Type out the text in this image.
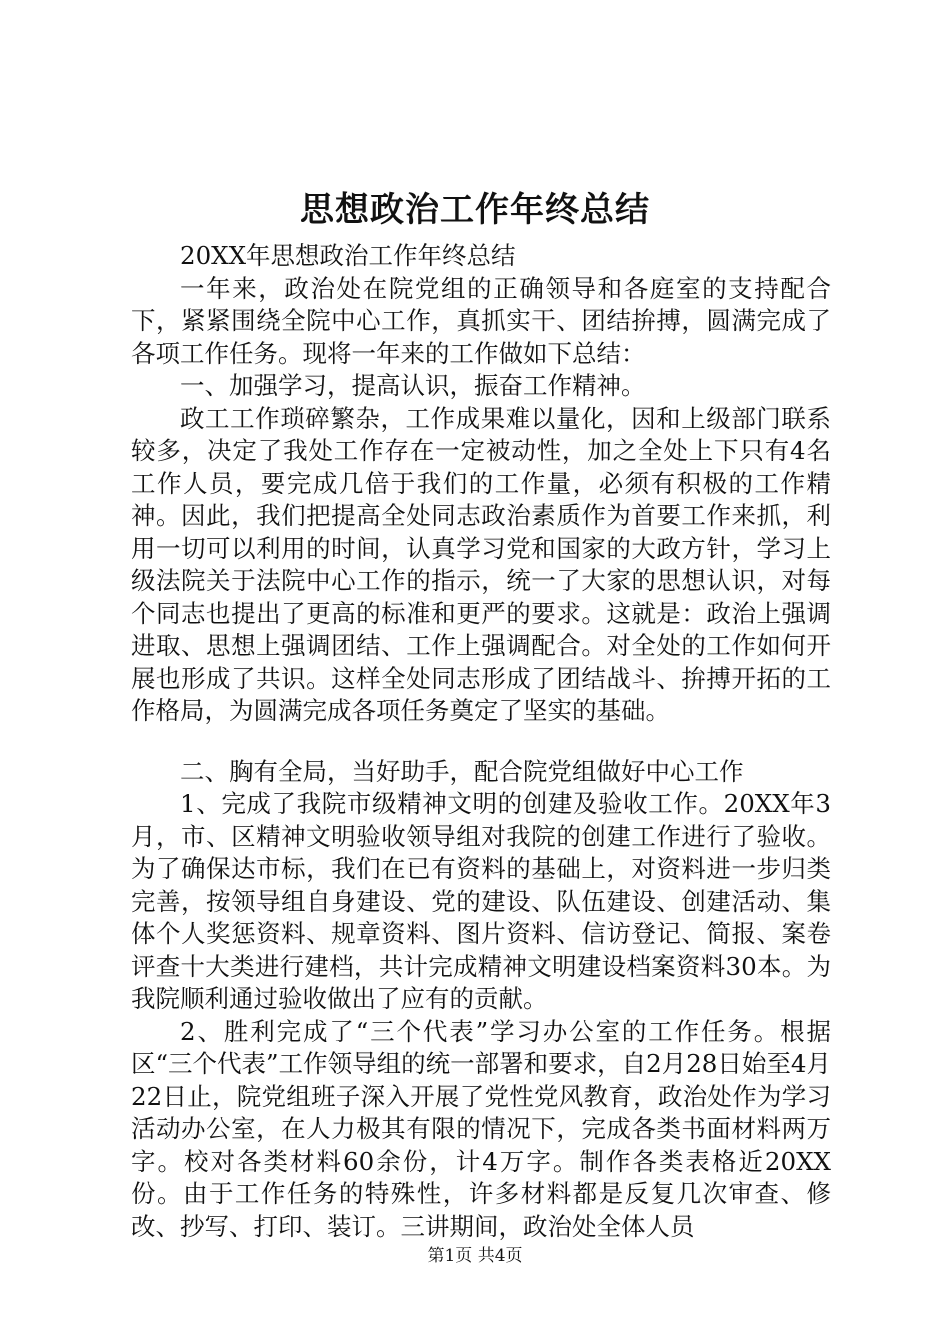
思想政治工作年终总结

20XX年思想政治工作年终总结

一年来，政治处在院党组的正确领导和各庭室的支持配合下，紧紧围绕全院中心工作，真抓实干、团结拚搏，圆满完成了各项工作任务。现将一年来的工作做如下总结：

一、加强学习，提高认识，振奋工作精神。

政工工作琐碎繁杂，工作成果难以量化，因和上级部门联系较多，决定了我处工作存在一定被动性，加之全处上下只有4名工作人员，要完成几倍于我们的工作量，必须有积极的工作精神。因此，我们把提高全处同志政治素质作为首要工作来抓，利用一切可以利用的时间，认真学习党和国家的大政方针，学习上级法院关于法院中心工作的指示，统一了大家的思想认识，对每个同志也提出了更高的标准和更严的要求。这就是：政治上强调进取、思想上强调团结、工作上强调配合。对全处的工作如何开展也形成了共识。这样全处同志形成了团结战斗、拚搏开拓的工作格局，为圆满完成各项任务奠定了坚实的基础。

二、胸有全局，当好助手，配合院党组做好中心工作

1、完成了我院市级精神文明的创建及验收工作。20XX年3月，市、区精神文明验收领导组对我院的创建工作进行了验收。为了确保达市标，我们在已有资料的基础上，对资料进一步归类完善，按领导组自身建设、党的建设、队伍建设、创建活动、集体个人奖惩资料、规章资料、图片资料、信访登记、简报、案卷评查十大类进行建档，共计完成精神文明建设档案资料30本。为我院顺利通过验收做出了应有的贡献。

2、胜利完成了“三个代表”学习办公室的工作任务。根据区“三个代表”工作领导组的统一部署和要求，自2月28日始至4月22日止，院党组班子深入开展了党性党风教育，政治处作为学习活动办公室，在人力极其有限的情况下，完成各类书面材料两万字。校对各类材料60余份，计4万字。制作各类表格近20XX份。由于工作任务的特殊性，许多材料都是反复几次审查、修改、抄写、打印、装订。三讲期间，政治处全体人员

第1页 共4页
